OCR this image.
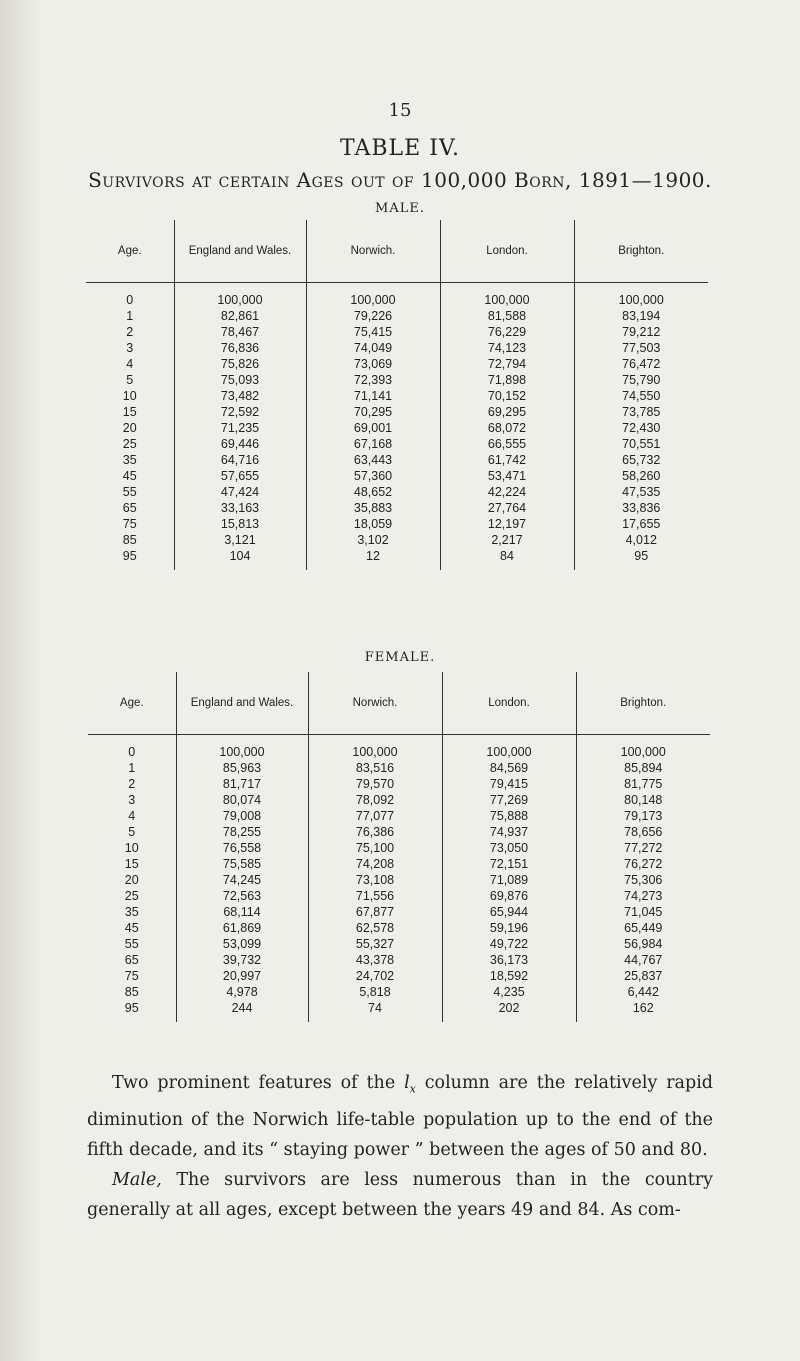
15
TABLE IV.
Survivors at certain Ages out of 100,000 Born, 1891—1900.
MALE.
Age.	England and Wales.	Norwich.	London.	Brighton.
0	100,000	100,000	100,000	100,000
1	82,861	79,226	81,588	83,194
2	78,467	75,415	76,229	79,212
3	76,836	74,049	74,123	77,503
4	75,826	73,069	72,794	76,472
5	75,093	72,393	71,898	75,790
10	73,482	71,141	70,152	74,550
15	72,592	70,295	69,295	73,785
20	71,235	69,001	68,072	72,430
25	69,446	67,168	66,555	70,551
35	64,716	63,443	61,742	65,732
45	57,655	57,360	53,471	58,260
55	47,424	48,652	42,224	47,535
65	33,163	35,883	27,764	33,836
75	15,813	18,059	12,197	17,655
85	3,121	3,102	2,217	4,012
95	104	12	84	95
FEMALE.
Age.	England and Wales.	Norwich.	London.	Brighton.
0	100,000	100,000	100,000	100,000
1	85,963	83,516	84,569	85,894
2	81,717	79,570	79,415	81,775
3	80,074	78,092	77,269	80,148
4	79,008	77,077	75,888	79,173
5	78,255	76,386	74,937	78,656
10	76,558	75,100	73,050	77,272
15	75,585	74,208	72,151	76,272
20	74,245	73,108	71,089	75,306
25	72,563	71,556	69,876	74,273
35	68,114	67,877	65,944	71,045
45	61,869	62,578	59,196	65,449
55	53,099	55,327	49,722	56,984
65	39,732	43,378	36,173	44,767
75	20,997	24,702	18,592	25,837
85	4,978	5,818	4,235	6,442
95	244	74	202	162

Two prominent features of the $l_x$ column are the relatively rapid diminution of the Norwich life-table population up to the end of the fifth decade, and its “ staying power ” between the ages of 50 and 80.

Male, The survivors are less numerous than in the country generally at all ages, except between the years 49 and 84. As com-
